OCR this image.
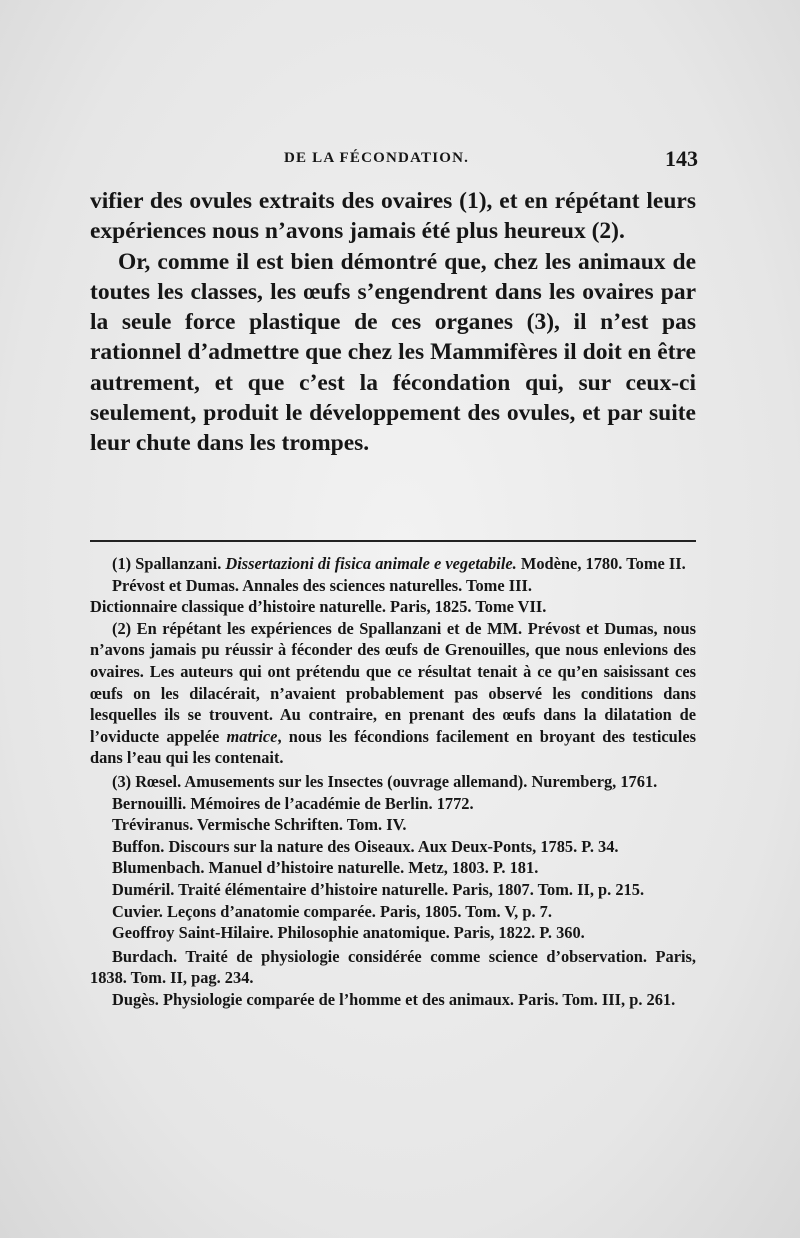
DE LA FÉCONDATION.	143

vifier des ovules extraits des ovaires (1), et en répétant leurs expériences nous n’avons jamais été plus heureux (2).

Or, comme il est bien démontré que, chez les animaux de toutes les classes, les œufs s’engendrent dans les ovaires par la seule force plastique de ces organes (3), il n’est pas rationnel d’admettre que chez les Mammifères il doit en être autrement, et que c’est la fécondation qui, sur ceux-ci seulement, produit le développement des ovules, et par suite leur chute dans les trompes.

(1) Spallanzani. Dissertazioni di fisica animale e vegetabile. Modène, 1780. Tome II.

Prévost et Dumas. Annales des sciences naturelles. Tome III.

Dictionnaire classique d’histoire naturelle. Paris, 1825. Tome VII.

(2) En répétant les expériences de Spallanzani et de MM. Prévost et Dumas, nous n’avons jamais pu réussir à féconder des œufs de Grenouilles, que nous enlevions des ovaires. Les auteurs qui ont prétendu que ce résultat tenait à ce qu’en saisissant ces œufs on les dilacérait, n’avaient probablement pas observé les conditions dans lesquelles ils se trouvent. Au contraire, en prenant des œufs dans la dilatation de l’oviducte appelée matrice, nous les fécondions facilement en broyant des testicules dans l’eau qui les contenait.

(3) Rœsel. Amusements sur les Insectes (ouvrage allemand). Nuremberg, 1761.

Bernouilli. Mémoires de l’académie de Berlin. 1772.

Tréviranus. Vermische Schriften. Tom. IV.

Buffon. Discours sur la nature des Oiseaux. Aux Deux-Ponts, 1785. P. 34.

Blumenbach. Manuel d’histoire naturelle. Metz, 1803. P. 181.

Duméril. Traité élémentaire d’histoire naturelle. Paris, 1807. Tom. II, p. 215.

Cuvier. Leçons d’anatomie comparée. Paris, 1805. Tom. V, p. 7.

Geoffroy Saint-Hilaire. Philosophie anatomique. Paris, 1822. P. 360.

Burdach. Traité de physiologie considérée comme science d’observation. Paris, 1838. Tom. II, pag. 234.

Dugès. Physiologie comparée de l’homme et des animaux. Paris. Tom. III, p. 261.
